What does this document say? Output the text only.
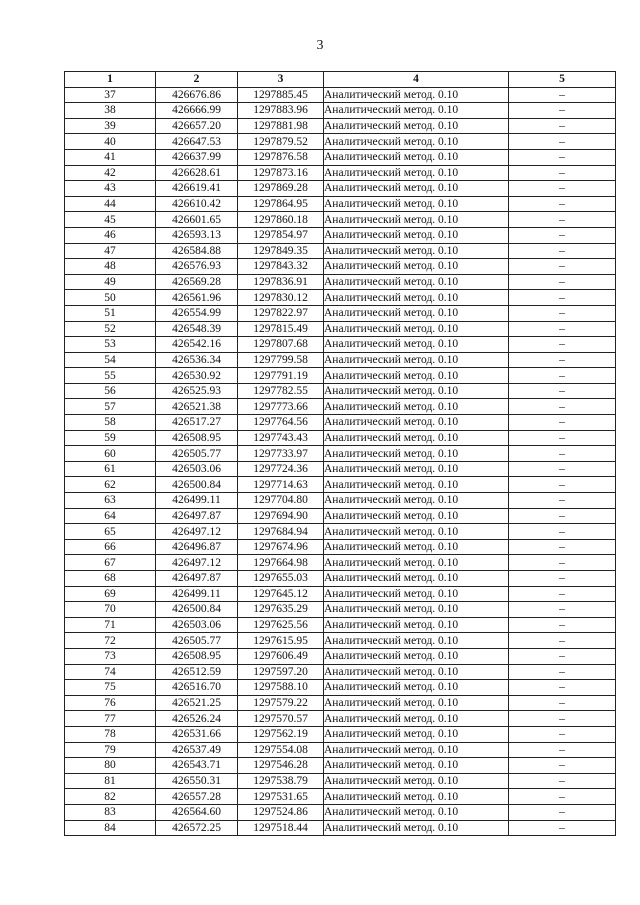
3
1	2	3	4	5
37	426676.86	1297885.45	Аналитический метод. 0.10	–
38	426666.99	1297883.96	Аналитический метод. 0.10	–
39	426657.20	1297881.98	Аналитический метод. 0.10	–
40	426647.53	1297879.52	Аналитический метод. 0.10	–
41	426637.99	1297876.58	Аналитический метод. 0.10	–
42	426628.61	1297873.16	Аналитический метод. 0.10	–
43	426619.41	1297869.28	Аналитический метод. 0.10	–
44	426610.42	1297864.95	Аналитический метод. 0.10	–
45	426601.65	1297860.18	Аналитический метод. 0.10	–
46	426593.13	1297854.97	Аналитический метод. 0.10	–
47	426584.88	1297849.35	Аналитический метод. 0.10	–
48	426576.93	1297843.32	Аналитический метод. 0.10	–
49	426569.28	1297836.91	Аналитический метод. 0.10	–
50	426561.96	1297830.12	Аналитический метод. 0.10	–
51	426554.99	1297822.97	Аналитический метод. 0.10	–
52	426548.39	1297815.49	Аналитический метод. 0.10	–
53	426542.16	1297807.68	Аналитический метод. 0.10	–
54	426536.34	1297799.58	Аналитический метод. 0.10	–
55	426530.92	1297791.19	Аналитический метод. 0.10	–
56	426525.93	1297782.55	Аналитический метод. 0.10	–
57	426521.38	1297773.66	Аналитический метод. 0.10	–
58	426517.27	1297764.56	Аналитический метод. 0.10	–
59	426508.95	1297743.43	Аналитический метод. 0.10	–
60	426505.77	1297733.97	Аналитический метод. 0.10	–
61	426503.06	1297724.36	Аналитический метод. 0.10	–
62	426500.84	1297714.63	Аналитический метод. 0.10	–
63	426499.11	1297704.80	Аналитический метод. 0.10	–
64	426497.87	1297694.90	Аналитический метод. 0.10	–
65	426497.12	1297684.94	Аналитический метод. 0.10	–
66	426496.87	1297674.96	Аналитический метод. 0.10	–
67	426497.12	1297664.98	Аналитический метод. 0.10	–
68	426497.87	1297655.03	Аналитический метод. 0.10	–
69	426499.11	1297645.12	Аналитический метод. 0.10	–
70	426500.84	1297635.29	Аналитический метод. 0.10	–
71	426503.06	1297625.56	Аналитический метод. 0.10	–
72	426505.77	1297615.95	Аналитический метод. 0.10	–
73	426508.95	1297606.49	Аналитический метод. 0.10	–
74	426512.59	1297597.20	Аналитический метод. 0.10	–
75	426516.70	1297588.10	Аналитический метод. 0.10	–
76	426521.25	1297579.22	Аналитический метод. 0.10	–
77	426526.24	1297570.57	Аналитический метод. 0.10	–
78	426531.66	1297562.19	Аналитический метод. 0.10	–
79	426537.49	1297554.08	Аналитический метод. 0.10	–
80	426543.71	1297546.28	Аналитический метод. 0.10	–
81	426550.31	1297538.79	Аналитический метод. 0.10	–
82	426557.28	1297531.65	Аналитический метод. 0.10	–
83	426564.60	1297524.86	Аналитический метод. 0.10	–
84	426572.25	1297518.44	Аналитический метод. 0.10	–
